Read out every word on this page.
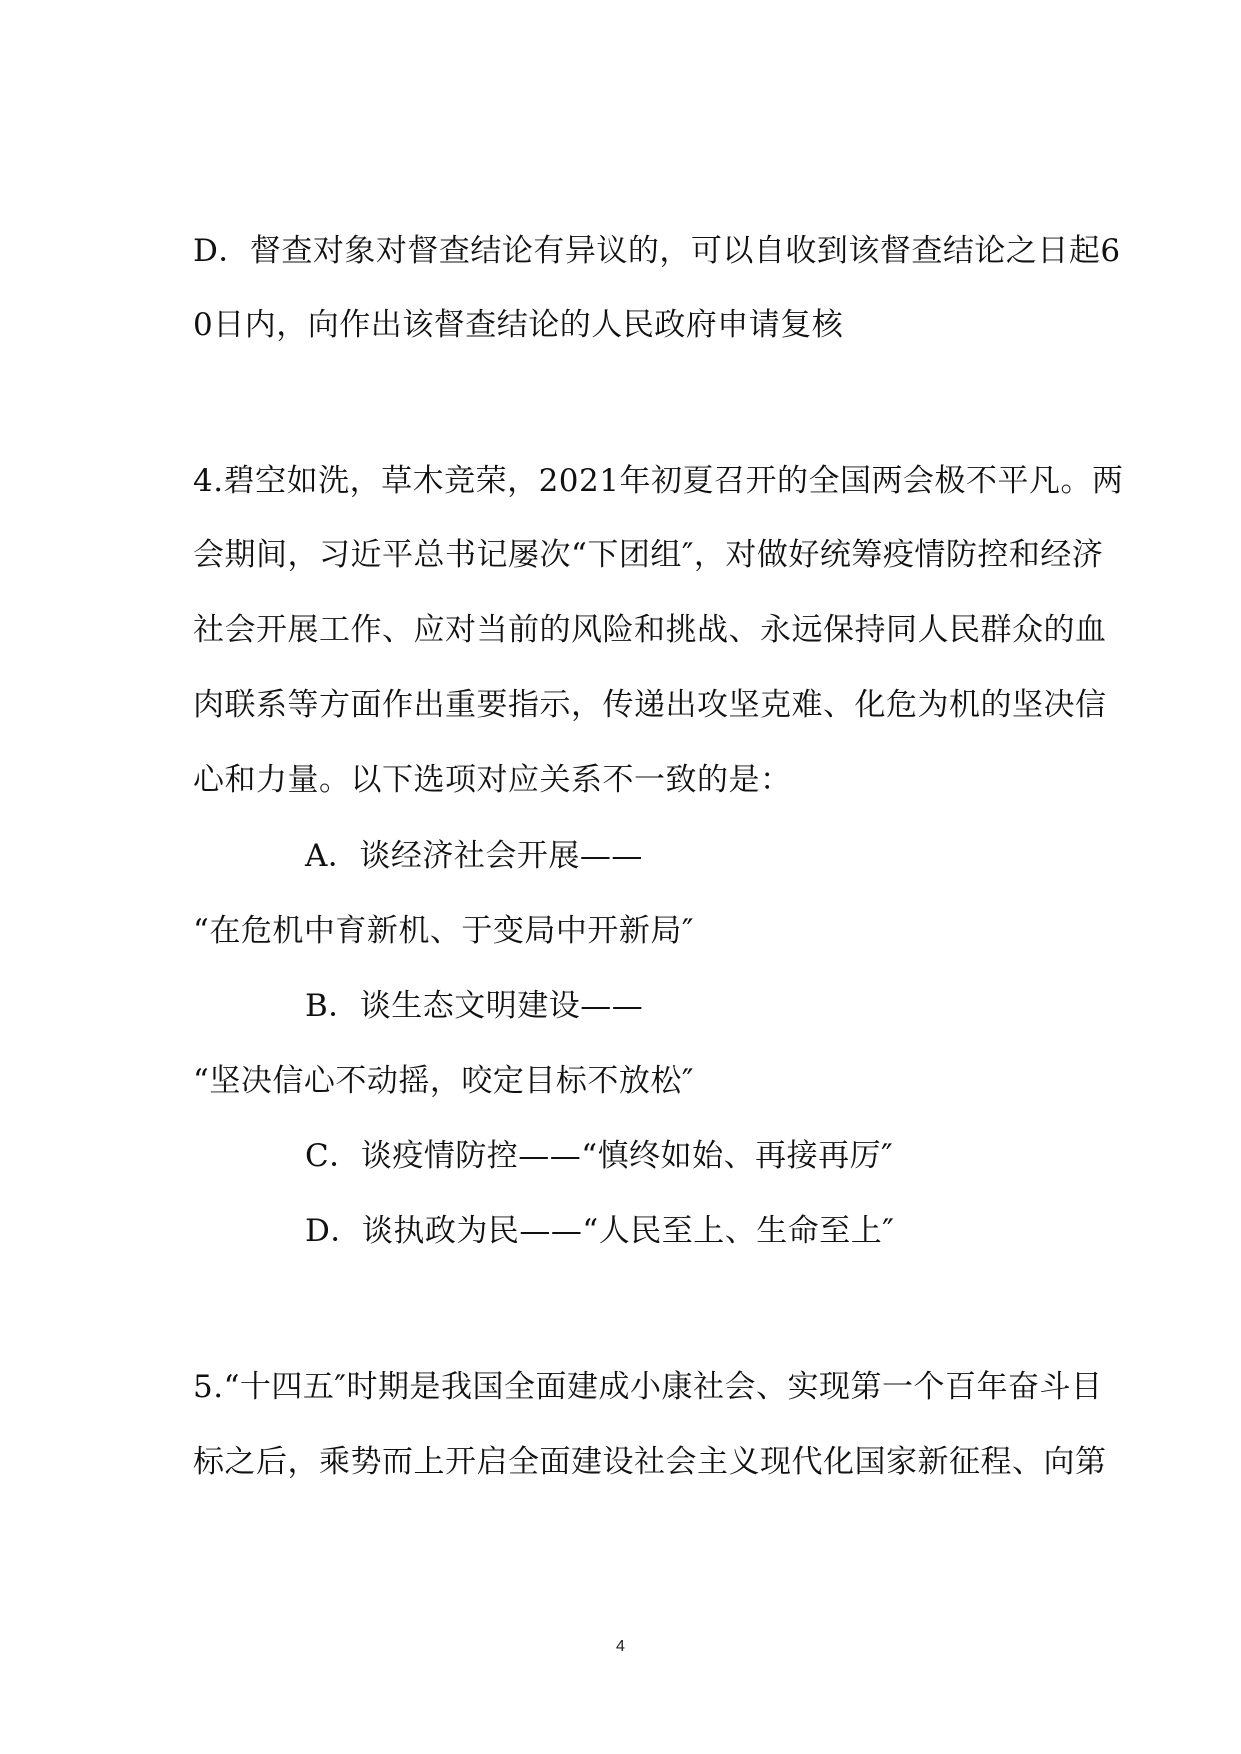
D．督查对象对督查结论有异议的，可以自收到该督查结论之日起6
0日内，向作出该督查结论的人民政府申请复核
4.碧空如洗，草木竞荣，2021年初夏召开的全国两会极不平凡。两
会期间，习近平总书记屡次“下团组″，对做好统筹疫情防控和经济
社会开展工作、应对当前的风险和挑战、永远保持同人民群众的血
肉联系等方面作出重要指示，传递出攻坚克难、化危为机的坚决信
心和力量。以下选项对应关系不一致的是：
A．谈经济社会开展——
“在危机中育新机、于变局中开新局″
B．谈生态文明建设——
“坚决信心不动摇，咬定目标不放松″
C．谈疫情防控——“慎终如始、再接再厉″
D．谈执政为民——“人民至上、生命至上″
5.“十四五″时期是我国全面建成小康社会、实现第一个百年奋斗目
标之后，乘势而上开启全面建设社会主义现代化国家新征程、向第
4
